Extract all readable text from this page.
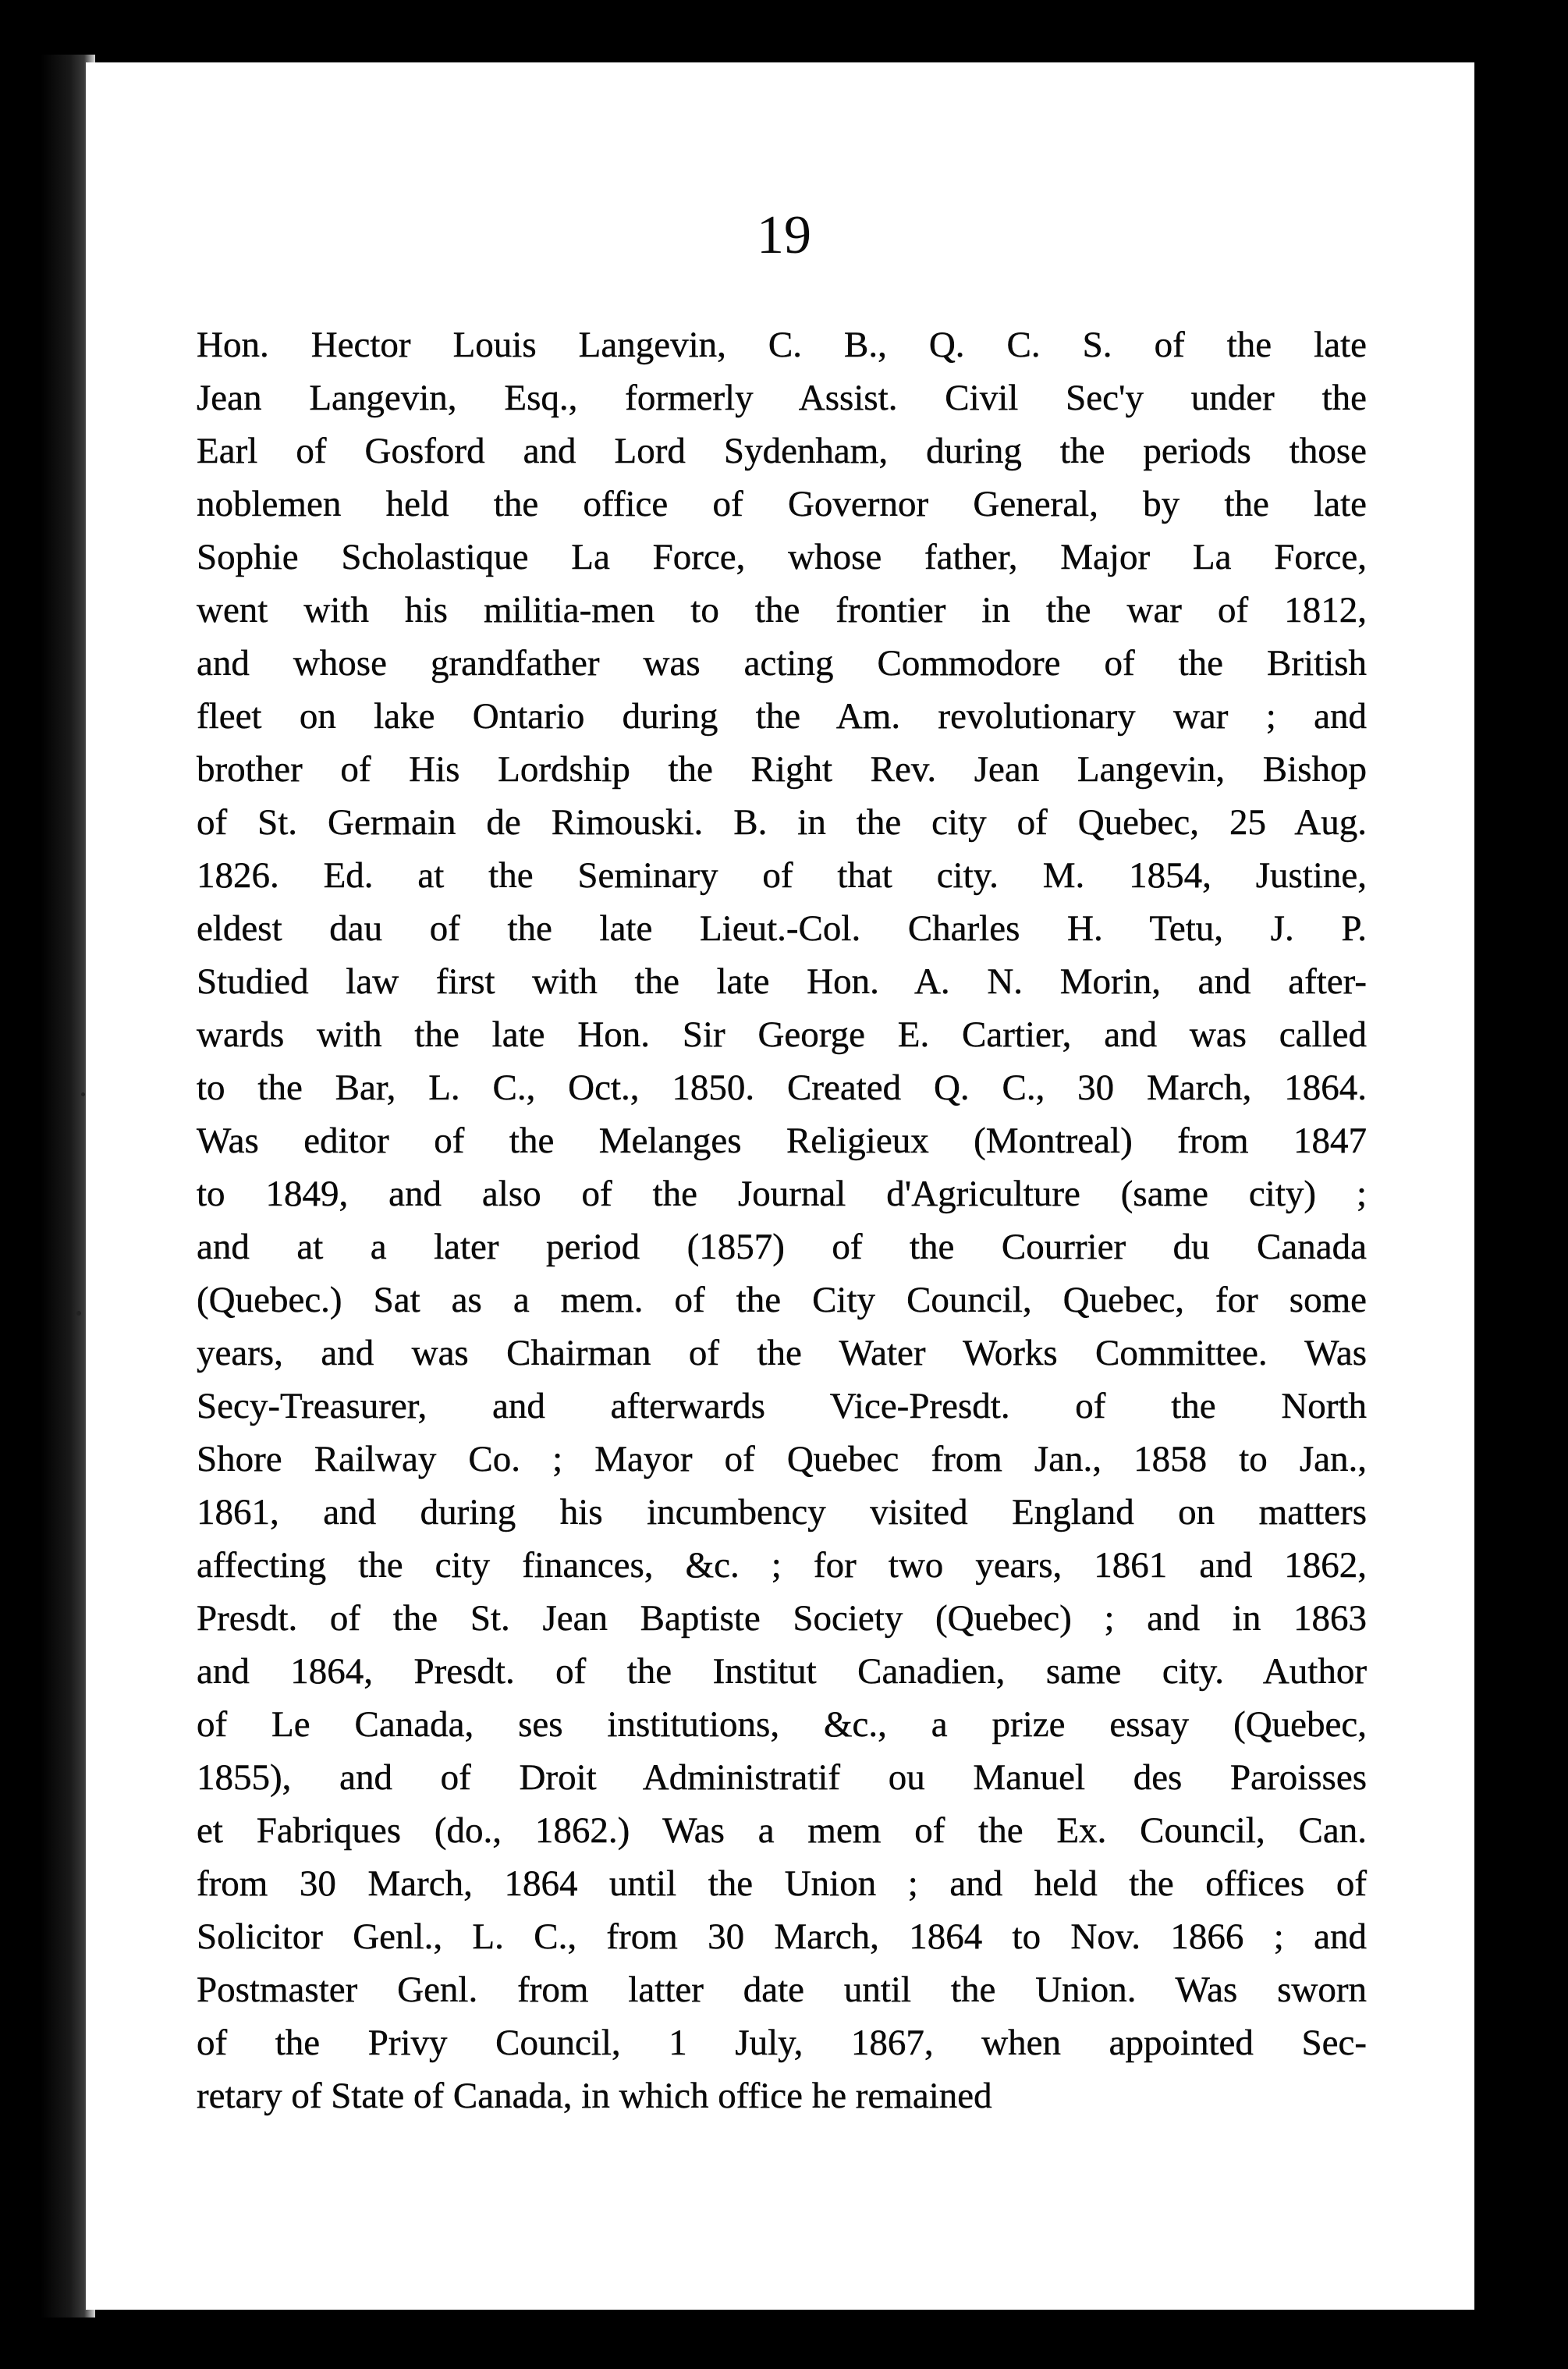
19

Hon. Hector Louis Langevin, C. B., Q. C. S. of the late
Jean Langevin, Esq., formerly Assist. Civil Sec'y under the
Earl of Gosford and Lord Sydenham, during the periods those
noblemen held the office of Governor General, by the late
Sophie Scholastique La Force, whose father, Major La Force,
went with his militia-men to the frontier in the war of 1812,
and whose grandfather was acting Commodore of the British
fleet on lake Ontario during the Am. revolutionary war ; and
brother of His Lordship the Right Rev. Jean Langevin, Bishop
of St. Germain de Rimouski. B. in the city of Quebec, 25 Aug.
1826. Ed. at the Seminary of that city. M. 1854, Justine,
eldest dau of the late Lieut.-Col. Charles H. Tetu, J. P.
Studied law first with the late Hon. A. N. Morin, and after-
wards with the late Hon. Sir George E. Cartier, and was called
to the Bar, L. C., Oct., 1850. Created Q. C., 30 March, 1864.
Was editor of the Melanges Religieux (Montreal) from 1847
to 1849, and also of the Journal d'Agriculture (same city) ;
and at a later period (1857) of the Courrier du Canada
(Quebec.) Sat as a mem. of the City Council, Quebec, for some
years, and was Chairman of the Water Works Committee. Was
Secy-Treasurer, and afterwards Vice-Presdt. of the North
Shore Railway Co. ; Mayor of Quebec from Jan., 1858 to Jan.,
1861, and during his incumbency visited England on matters
affecting the city finances, &c. ; for two years, 1861 and 1862,
Presdt. of the St. Jean Baptiste Society (Quebec) ; and in 1863
and 1864, Presdt. of the Institut Canadien, same city. Author
of Le Canada, ses institutions, &c., a prize essay (Quebec,
1855), and of Droit Administratif ou Manuel des Paroisses
et Fabriques (do., 1862.) Was a mem of the Ex. Council, Can.
from 30 March, 1864 until the Union ; and held the offices of
Solicitor Genl., L. C., from 30 March, 1864 to Nov. 1866 ; and
Postmaster Genl. from latter date until the Union. Was sworn
of the Privy Council, 1 July, 1867, when appointed Sec-
retary of State of Canada, in which office he remained
